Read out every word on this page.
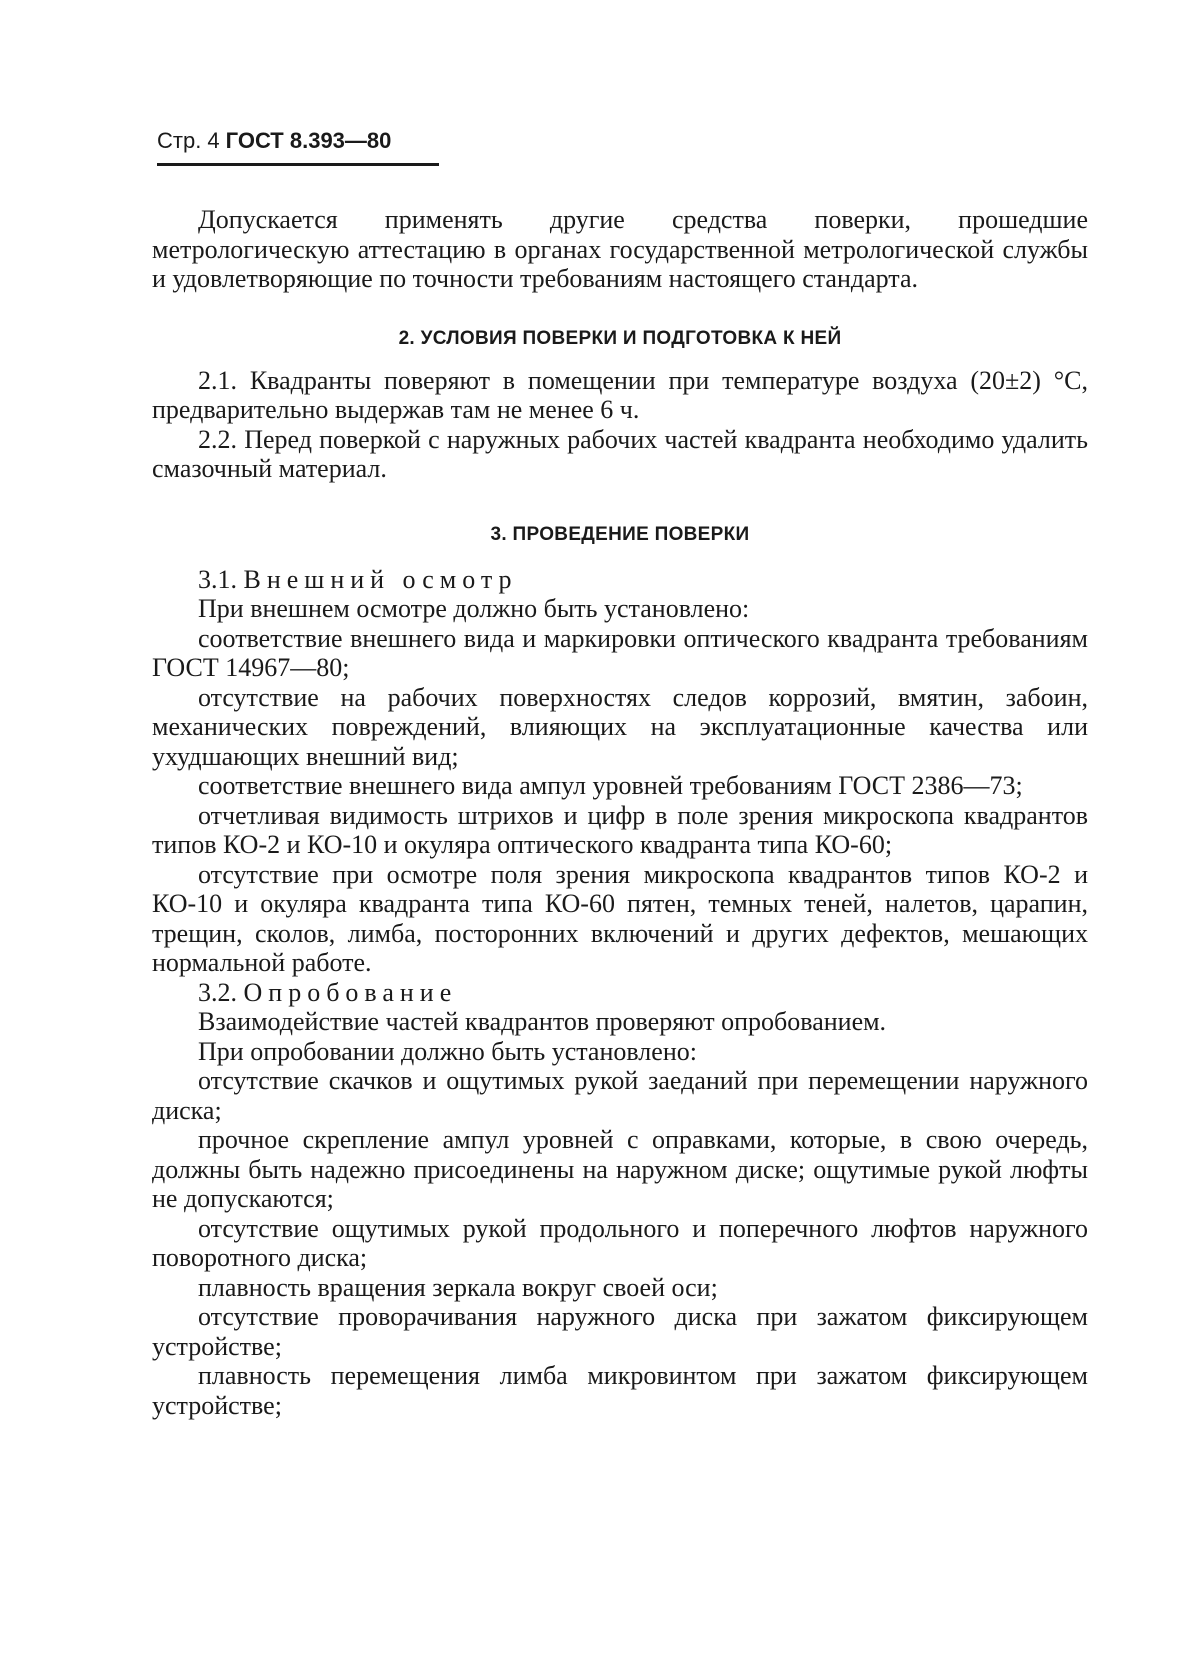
Стр. 4 ГОСТ 8.393—80

Допускается применять другие средства поверки, прошедшие метрологическую аттестацию в органах государственной метрологической службы и удовлетворяющие по точности требованиям настоящего стандарта.

2. УСЛОВИЯ ПОВЕРКИ И ПОДГОТОВКА К НЕЙ

2.1. Квадранты поверяют в помещении при температуре воздуха (20±2) °С, предварительно выдержав там не менее 6 ч.

2.2. Перед поверкой с наружных рабочих частей квадранта необходимо удалить смазочный материал.

3. ПРОВЕДЕНИЕ ПОВЕРКИ

3.1. Внешний осмотр

При внешнем осмотре должно быть установлено:

соответствие внешнего вида и маркировки оптического квадранта требованиям ГОСТ 14967—80;

отсутствие на рабочих поверхностях следов коррозий, вмятин, забоин, механических повреждений, влияющих на эксплуатационные качества или ухудшающих внешний вид;

соответствие внешнего вида ампул уровней требованиям ГОСТ 2386—73;

отчетливая видимость штрихов и цифр в поле зрения микроскопа квадрантов типов КО-2 и КО-10 и окуляра оптического квадранта типа КО-60;

отсутствие при осмотре поля зрения микроскопа квадрантов типов КО-2 и КО-10 и окуляра квадранта типа КО-60 пятен, темных теней, налетов, царапин, трещин, сколов, лимба, посторонних включений и других дефектов, мешающих нормальной работе.

3.2. Опробование

Взаимодействие частей квадрантов проверяют опробованием.

При опробовании должно быть установлено:

отсутствие скачков и ощутимых рукой заеданий при перемещении наружного диска;

прочное скрепление ампул уровней с оправками, которые, в свою очередь, должны быть надежно присоединены на наружном диске; ощутимые рукой люфты не допускаются;

отсутствие ощутимых рукой продольного и поперечного люфтов наружного поворотного диска;

плавность вращения зеркала вокруг своей оси;

отсутствие проворачивания наружного диска при зажатом фиксирующем устройстве;

плавность перемещения лимба микровинтом при зажатом фиксирующем устройстве;
